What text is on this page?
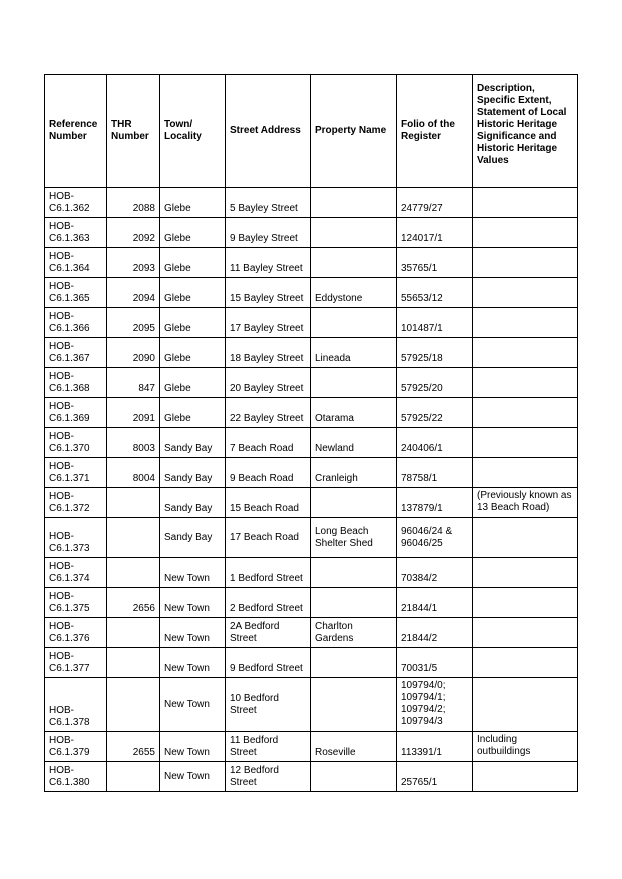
Reference Number	THR Number	Town/ Locality	Street Address	Property Name	Folio of the Register	Description, Specific Extent, Statement of Local Historic Heritage Significance and Historic Heritage Values
HOB-C6.1.362	2088	Glebe	5 Bayley Street		24779/27	
HOB-C6.1.363	2092	Glebe	9 Bayley Street		124017/1	
HOB-C6.1.364	2093	Glebe	11 Bayley Street		35765/1	
HOB-C6.1.365	2094	Glebe	15 Bayley Street	Eddystone	55653/12	
HOB-C6.1.366	2095	Glebe	17 Bayley Street		101487/1	
HOB-C6.1.367	2090	Glebe	18 Bayley Street	Lineada	57925/18	
HOB-C6.1.368	847	Glebe	20 Bayley Street		57925/20	
HOB-C6.1.369	2091	Glebe	22 Bayley Street	Otarama	57925/22	
HOB-C6.1.370	8003	Sandy Bay	7 Beach Road	Newland	240406/1	
HOB-C6.1.371	8004	Sandy Bay	9 Beach Road	Cranleigh	78758/1	
HOB-C6.1.372		Sandy Bay	15 Beach Road		137879/1	(Previously known as 13 Beach Road)
HOB-C6.1.373		Sandy Bay	17 Beach Road	Long Beach Shelter Shed	96046/24 & 96046/25	
HOB-C6.1.374		New Town	1 Bedford Street		70384/2	
HOB-C6.1.375	2656	New Town	2 Bedford Street		21844/1	
HOB-C6.1.376		New Town	2A Bedford Street	Charlton Gardens	21844/2	
HOB-C6.1.377		New Town	9 Bedford Street		70031/5	
HOB-C6.1.378		New Town	10 Bedford Street		109794/0; 109794/1; 109794/2; 109794/3	
HOB-C6.1.379	2655	New Town	11 Bedford Street	Roseville	113391/1	Including outbuildings
HOB-C6.1.380		New Town	12 Bedford Street		25765/1	
